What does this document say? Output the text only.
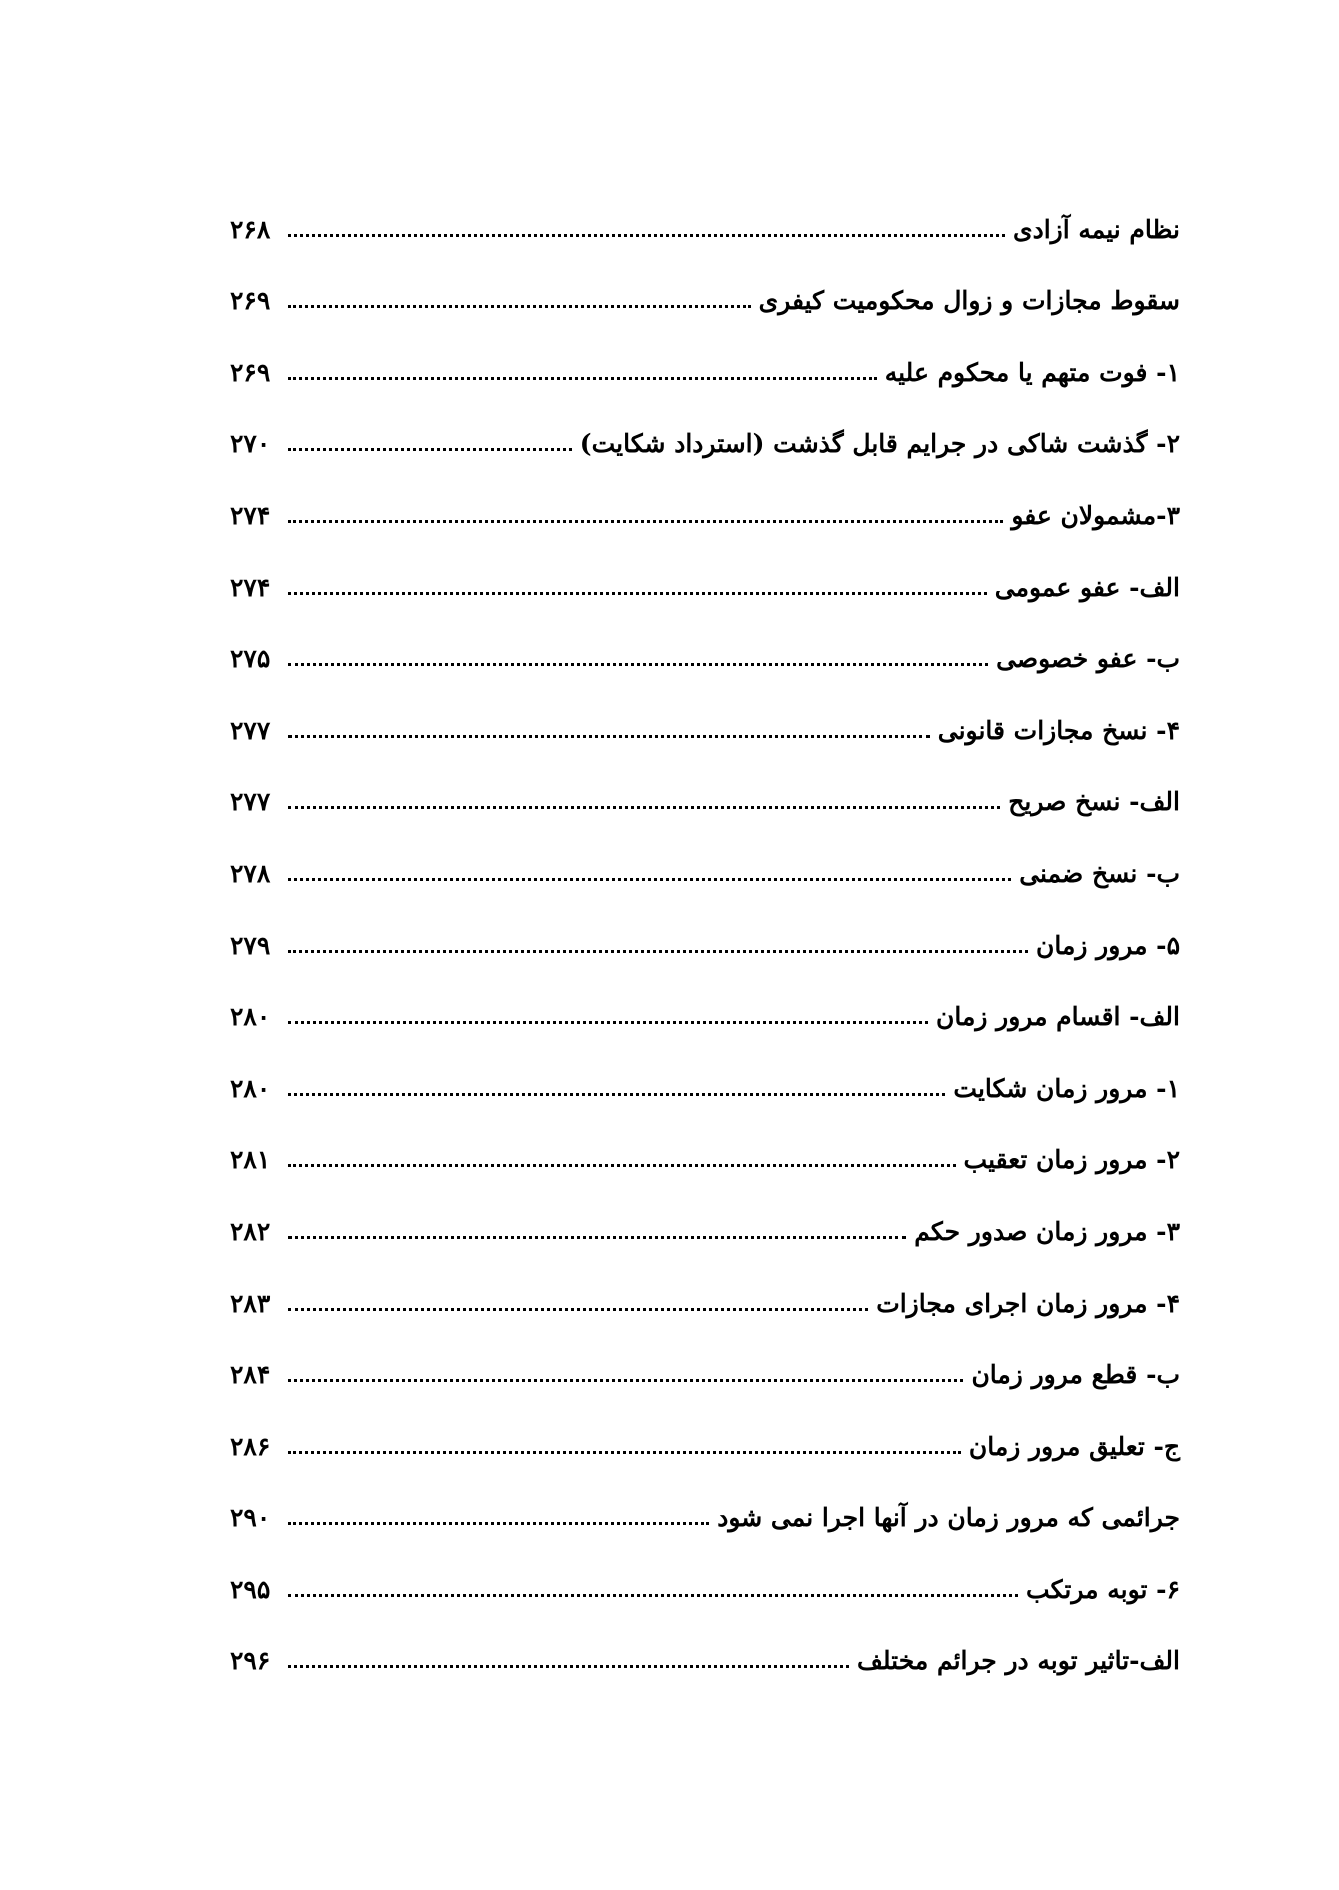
نظام نیمه آزادی
۲۶۸
سقوط مجازات و زوال محکومیت کیفری
۲۶۹
۱- فوت متهم یا محکوم علیه
۲۶۹
۲- گذشت شاکی در جرایم قابل گذشت (استرداد شکایت)
۲۷۰
۳-مشمولان عفو
۲۷۴
الف- عفو عمومی
۲۷۴
ب- عفو خصوصی
۲۷۵
۴- نسخ مجازات قانونی
۲۷۷
الف- نسخ صریح
۲۷۷
ب- نسخ ضمنی
۲۷۸
۵- مرور زمان
۲۷۹
الف- اقسام مرور زمان
۲۸۰
۱- مرور زمان شکایت
۲۸۰
۲- مرور زمان تعقیب
۲۸۱
۳- مرور زمان صدور حکم
۲۸۲
۴- مرور زمان اجرای مجازات
۲۸۳
ب- قطع مرور زمان
۲۸۴
ج- تعلیق مرور زمان
۲۸۶
جرائمی که مرور زمان در آنها اجرا نمی شود
۲۹۰
۶- توبه مرتکب
۲۹۵
الف-تاثیر توبه در جرائم مختلف
۲۹۶
